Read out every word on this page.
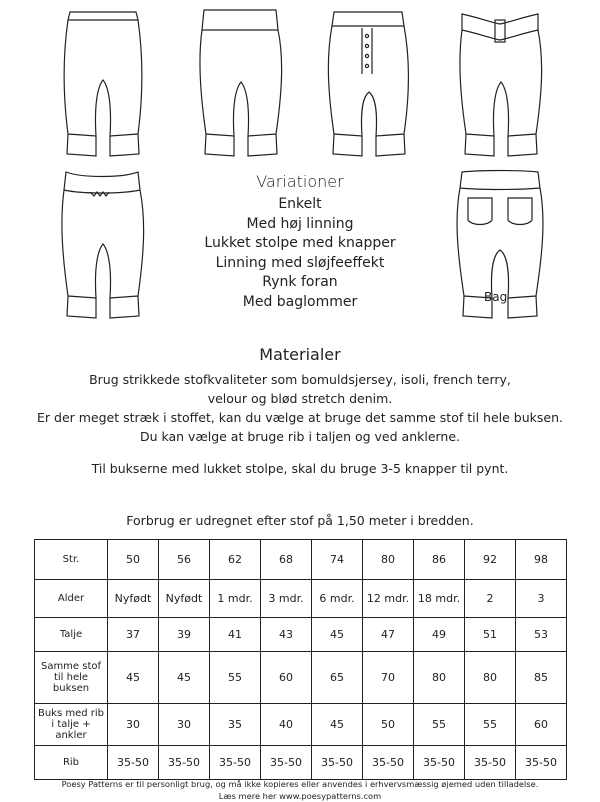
Bag
Variationer
Enkelt
Med høj linning
Lukket stolpe med knapper
Linning med sløjfeeffekt
Rynk foran
Med baglommer
Materialer
Brug strikkede stofkvaliteter som bomuldsjersey, isoli, french terry,
velour og blød stretch denim.
Er der meget stræk i stoffet, kan du vælge at bruge det samme stof til hele buksen.
Du kan vælge at bruge rib i taljen og ved anklerne.
Til bukserne med lukket stolpe, skal du bruge 3-5 knapper til pynt.
Forbrug er udregnet efter stof på 1,50 meter i bredden.
Str.	50	56	62	68	74	80	86	92	98
Alder	Nyfødt	Nyfødt	1 mdr.	3 mdr.	6 mdr.	12 mdr.	18 mdr.	2	3
Talje	37	39	41	43	45	47	49	51	53
Samme stof til hele buksen	45	45	55	60	65	70	80	80	85
Buks med rib i talje + ankler	30	30	35	40	45	50	55	55	60
Rib	35-50	35-50	35-50	35-50	35-50	35-50	35-50	35-50	35-50
Poesy Patterns er til personligt brug, og må ikke kopieres eller anvendes i erhvervsmæssig øjemed uden tilladelse.
Læs mere her www.poesypatterns.com
